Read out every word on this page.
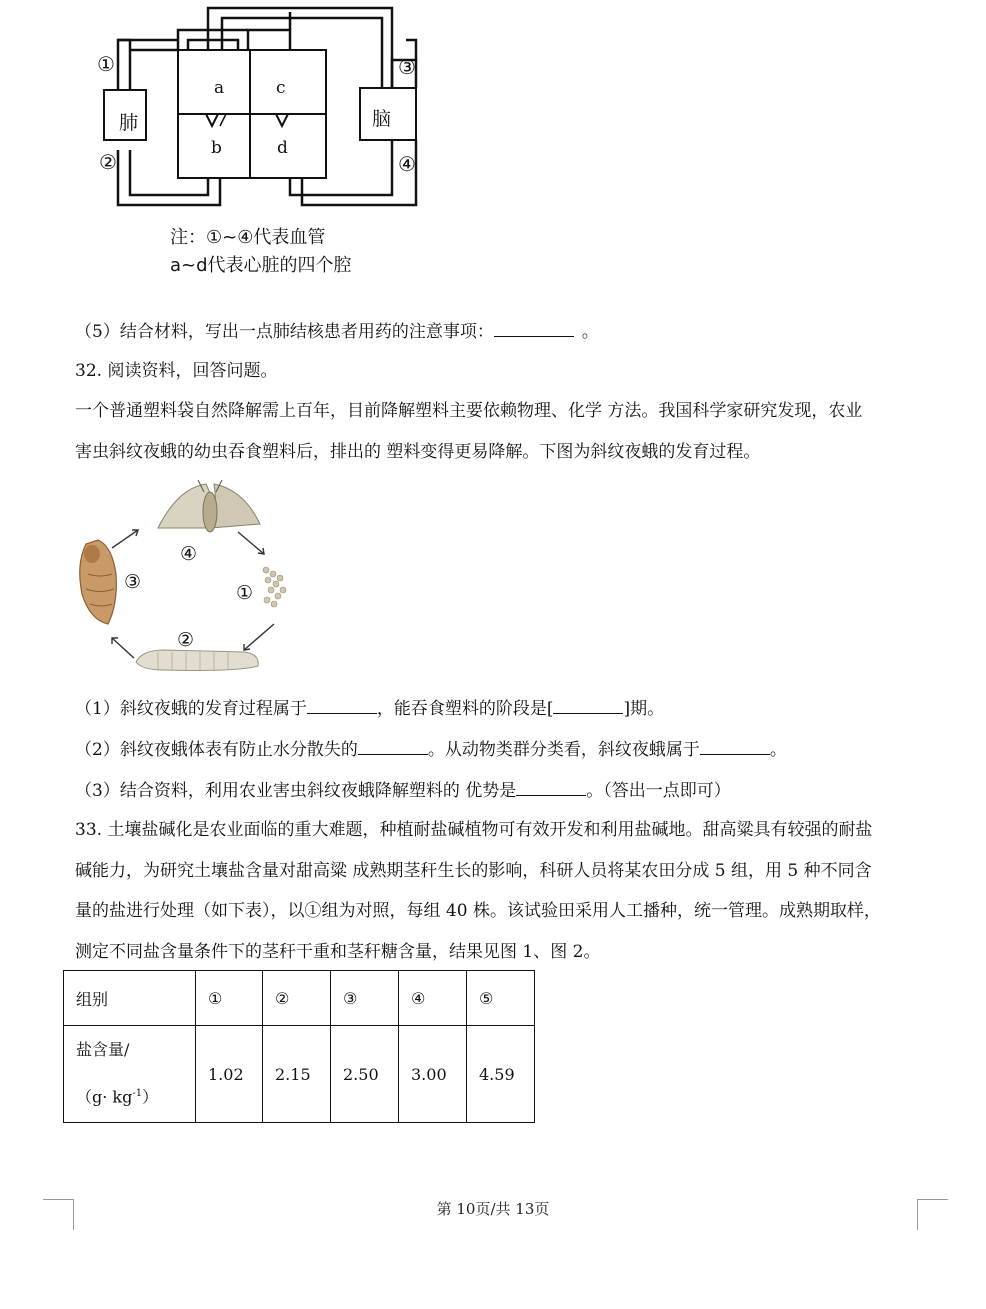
①
②
③
④
肺	脑
a
b
c
d
注：①~④代表血管
a~d代表心脏的四个腔
（5）结合材料，写出一点肺结核患者用药的注意事项：	。
32. 阅读资料，回答问题。
一个普通塑料袋自然降解需上百年，目前降解塑料主要依赖物理、化学 方法。我国科学家研究发现，农业
害虫斜纹夜蛾的幼虫吞食塑料后，排出的 塑料变得更易降解。下图为斜纹夜蛾的发育过程。
①
②
③
④
（1）斜纹夜蛾的发育过程属于	，能吞食塑料的阶段是[	]期。
（2）斜纹夜蛾体表有防止水分散失的	。从动物类群分类看，斜纹夜蛾属于	。
（3）结合资料，利用农业害虫斜纹夜蛾降解塑料的 优势是	。（答出一点即可）
33. 土壤盐碱化是农业面临的重大难题，种植耐盐碱植物可有效开发和利用盐碱地。甜高粱具有较强的耐盐
碱能力，为研究土壤盐含量对甜高粱 成熟期茎秆生长的影响，科研人员将某农田分成 5 组，用 5 种不同含
量的盐进行处理（如下表），以①组为对照，每组 40 株。该试验田采用人工播种，统一管理。成熟期取样，
测定不同盐含量条件下的茎秆干重和茎秆糖含量，结果见图 1、图 2。
组别	①	②	③	④	⑤

盐含量/
$(g\cdot kg^{-1})$	1.02	2.15	2.50	3.00	4.59
第 10页/共 13页
